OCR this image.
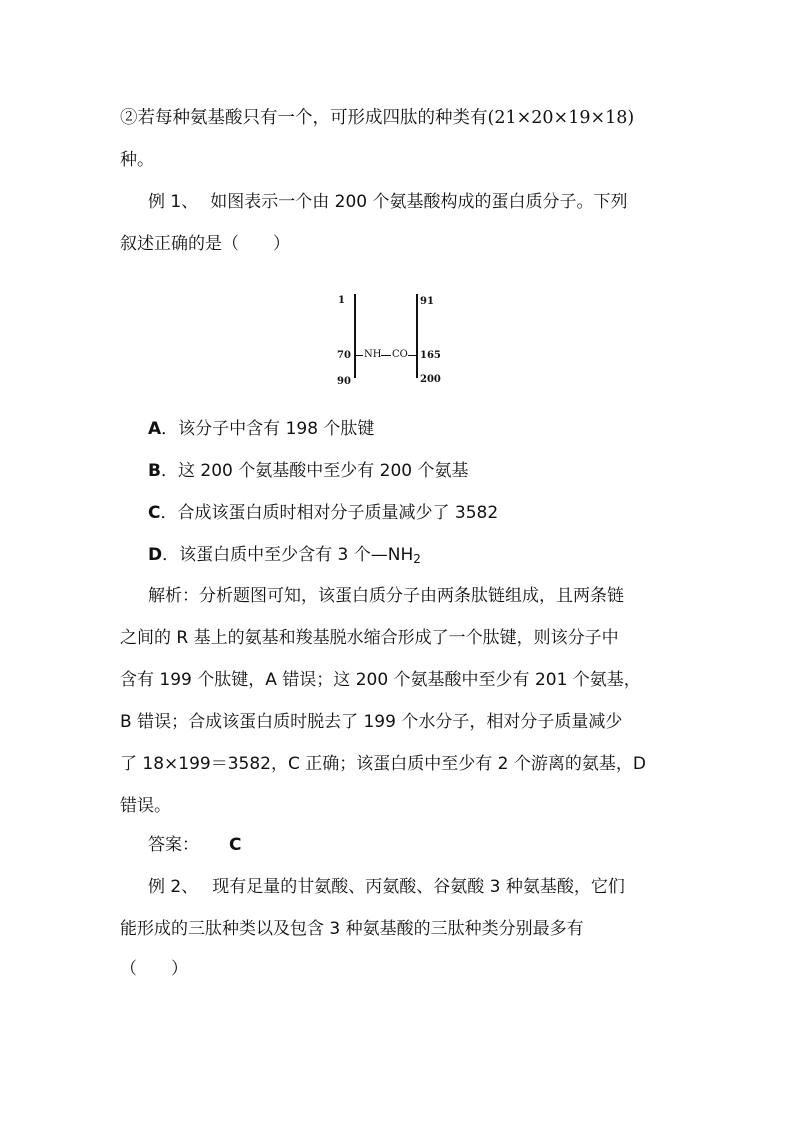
②若每种氨基酸只有一个，可形成四肽的种类有(21×20×19×18)
种。
例 1、 如图表示一个由 200 个氨基酸构成的蛋白质分子。下列
叙述正确的是（　　）
1
70
90
91
165
200
NH CO
A．该分子中含有 198 个肽键
B．这 200 个氨基酸中至少有 200 个氨基
C．合成该蛋白质时相对分子质量减少了 3582
D．该蛋白质中至少含有 3 个$—NH_2$
解析：分析题图可知，该蛋白质分子由两条肽链组成，且两条链
之间的 R 基上的氨基和羧基脱水缩合形成了一个肽键，则该分子中
含有 199 个肽键，A 错误；这 200 个氨基酸中至少有 201 个氨基，
B 错误；合成该蛋白质时脱去了 199 个水分子，相对分子质量减少
了 18×199＝3582，C 正确；该蛋白质中至少有 2 个游离的氨基，D
错误。
答案： C
例 2、 现有足量的甘氨酸、丙氨酸、谷氨酸 3 种氨基酸，它们
能形成的三肽种类以及包含 3 种氨基酸的三肽种类分别最多有
（　　）
